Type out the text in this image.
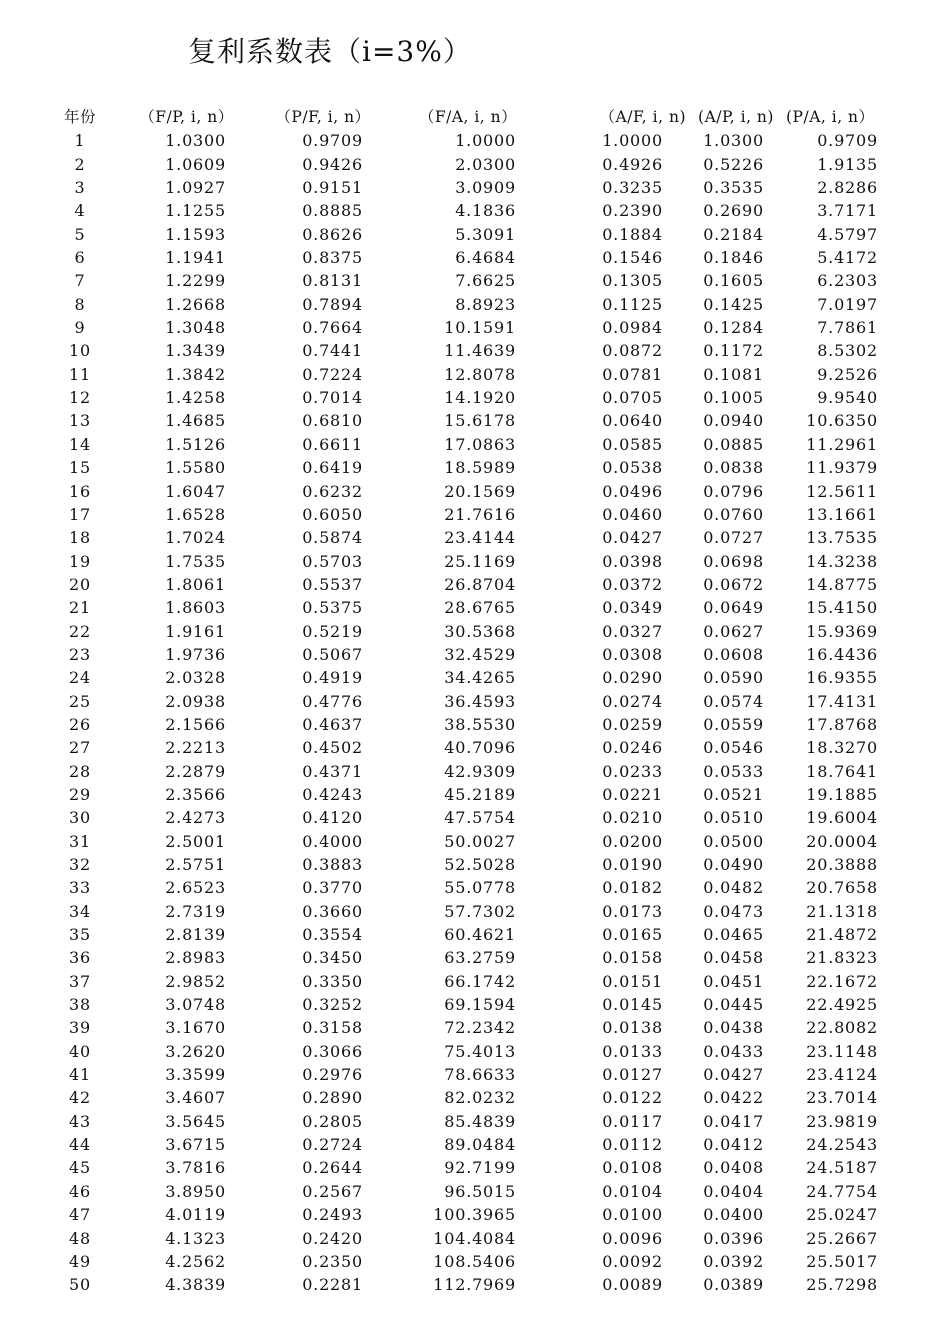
复利系数表（i=3%）
年份	（F/P, i, n）	（P/F, i, n）	（F/A, i, n）	（A/F, i, n)	(A/P, i, n)	(P/A, i, n）
1	1.0300	0.9709	1.0000	1.0000	1.0300	0.9709
2	1.0609	0.9426	2.0300	0.4926	0.5226	1.9135
3	1.0927	0.9151	3.0909	0.3235	0.3535	2.8286
4	1.1255	0.8885	4.1836	0.2390	0.2690	3.7171
5	1.1593	0.8626	5.3091	0.1884	0.2184	4.5797
6	1.1941	0.8375	6.4684	0.1546	0.1846	5.4172
7	1.2299	0.8131	7.6625	0.1305	0.1605	6.2303
8	1.2668	0.7894	8.8923	0.1125	0.1425	7.0197
9	1.3048	0.7664	10.1591	0.0984	0.1284	7.7861
10	1.3439	0.7441	11.4639	0.0872	0.1172	8.5302
11	1.3842	0.7224	12.8078	0.0781	0.1081	9.2526
12	1.4258	0.7014	14.1920	0.0705	0.1005	9.9540
13	1.4685	0.6810	15.6178	0.0640	0.0940	10.6350
14	1.5126	0.6611	17.0863	0.0585	0.0885	11.2961
15	1.5580	0.6419	18.5989	0.0538	0.0838	11.9379
16	1.6047	0.6232	20.1569	0.0496	0.0796	12.5611
17	1.6528	0.6050	21.7616	0.0460	0.0760	13.1661
18	1.7024	0.5874	23.4144	0.0427	0.0727	13.7535
19	1.7535	0.5703	25.1169	0.0398	0.0698	14.3238
20	1.8061	0.5537	26.8704	0.0372	0.0672	14.8775
21	1.8603	0.5375	28.6765	0.0349	0.0649	15.4150
22	1.9161	0.5219	30.5368	0.0327	0.0627	15.9369
23	1.9736	0.5067	32.4529	0.0308	0.0608	16.4436
24	2.0328	0.4919	34.4265	0.0290	0.0590	16.9355
25	2.0938	0.4776	36.4593	0.0274	0.0574	17.4131
26	2.1566	0.4637	38.5530	0.0259	0.0559	17.8768
27	2.2213	0.4502	40.7096	0.0246	0.0546	18.3270
28	2.2879	0.4371	42.9309	0.0233	0.0533	18.7641
29	2.3566	0.4243	45.2189	0.0221	0.0521	19.1885
30	2.4273	0.4120	47.5754	0.0210	0.0510	19.6004
31	2.5001	0.4000	50.0027	0.0200	0.0500	20.0004
32	2.5751	0.3883	52.5028	0.0190	0.0490	20.3888
33	2.6523	0.3770	55.0778	0.0182	0.0482	20.7658
34	2.7319	0.3660	57.7302	0.0173	0.0473	21.1318
35	2.8139	0.3554	60.4621	0.0165	0.0465	21.4872
36	2.8983	0.3450	63.2759	0.0158	0.0458	21.8323
37	2.9852	0.3350	66.1742	0.0151	0.0451	22.1672
38	3.0748	0.3252	69.1594	0.0145	0.0445	22.4925
39	3.1670	0.3158	72.2342	0.0138	0.0438	22.8082
40	3.2620	0.3066	75.4013	0.0133	0.0433	23.1148
41	3.3599	0.2976	78.6633	0.0127	0.0427	23.4124
42	3.4607	0.2890	82.0232	0.0122	0.0422	23.7014
43	3.5645	0.2805	85.4839	0.0117	0.0417	23.9819
44	3.6715	0.2724	89.0484	0.0112	0.0412	24.2543
45	3.7816	0.2644	92.7199	0.0108	0.0408	24.5187
46	3.8950	0.2567	96.5015	0.0104	0.0404	24.7754
47	4.0119	0.2493	100.3965	0.0100	0.0400	25.0247
48	4.1323	0.2420	104.4084	0.0096	0.0396	25.2667
49	4.2562	0.2350	108.5406	0.0092	0.0392	25.5017
50	4.3839	0.2281	112.7969	0.0089	0.0389	25.7298
